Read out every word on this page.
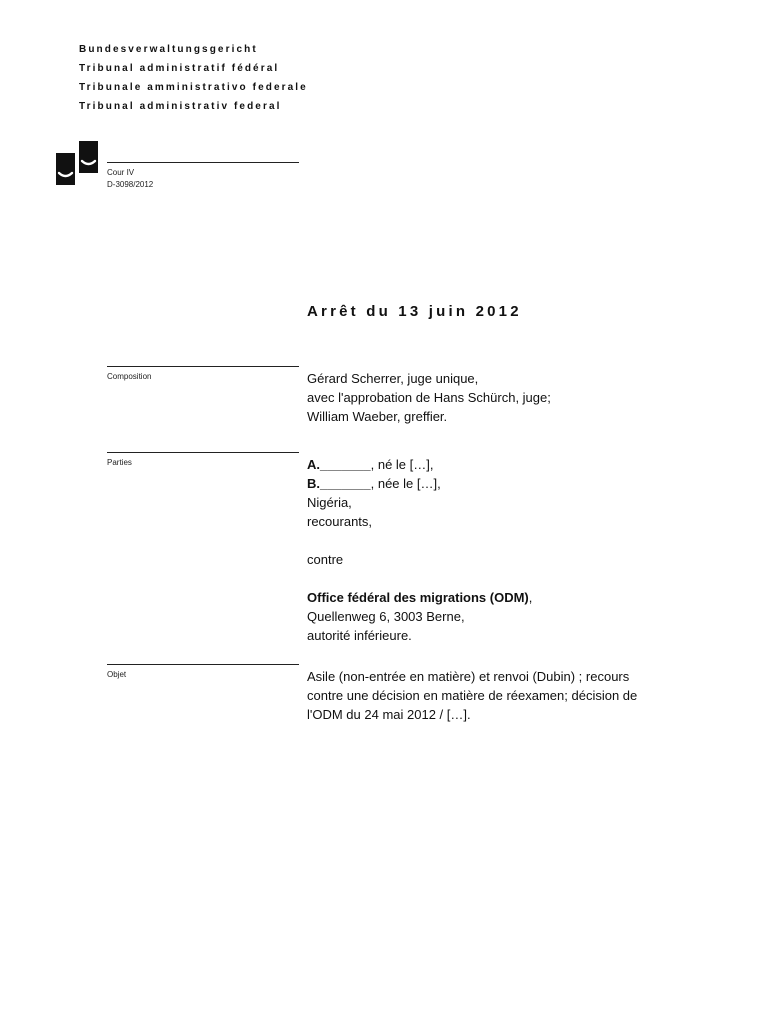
Bundesverwaltungsgericht
Tribunal administratif fédéral
Tribunale amministrativo federale
Tribunal administrativ federal
Cour IV
D-3098/2012
Arrêt du 13 juin 2012
Composition	Gérard Scherrer, juge unique,
avec l'approbation de Hans Schürch, juge;
William Waeber, greffier.
Parties	A._______, né le […],
B._______, née le […],
Nigéria,
recourants,
contre
Office fédéral des migrations (ODM),
Quellenweg 6, 3003 Berne,
autorité inférieure.
Objet	Asile (non-entrée en matière) et renvoi (Dubin) ; recours
contre une décision en matière de réexamen; décision de
l'ODM du 24 mai 2012 / […].
